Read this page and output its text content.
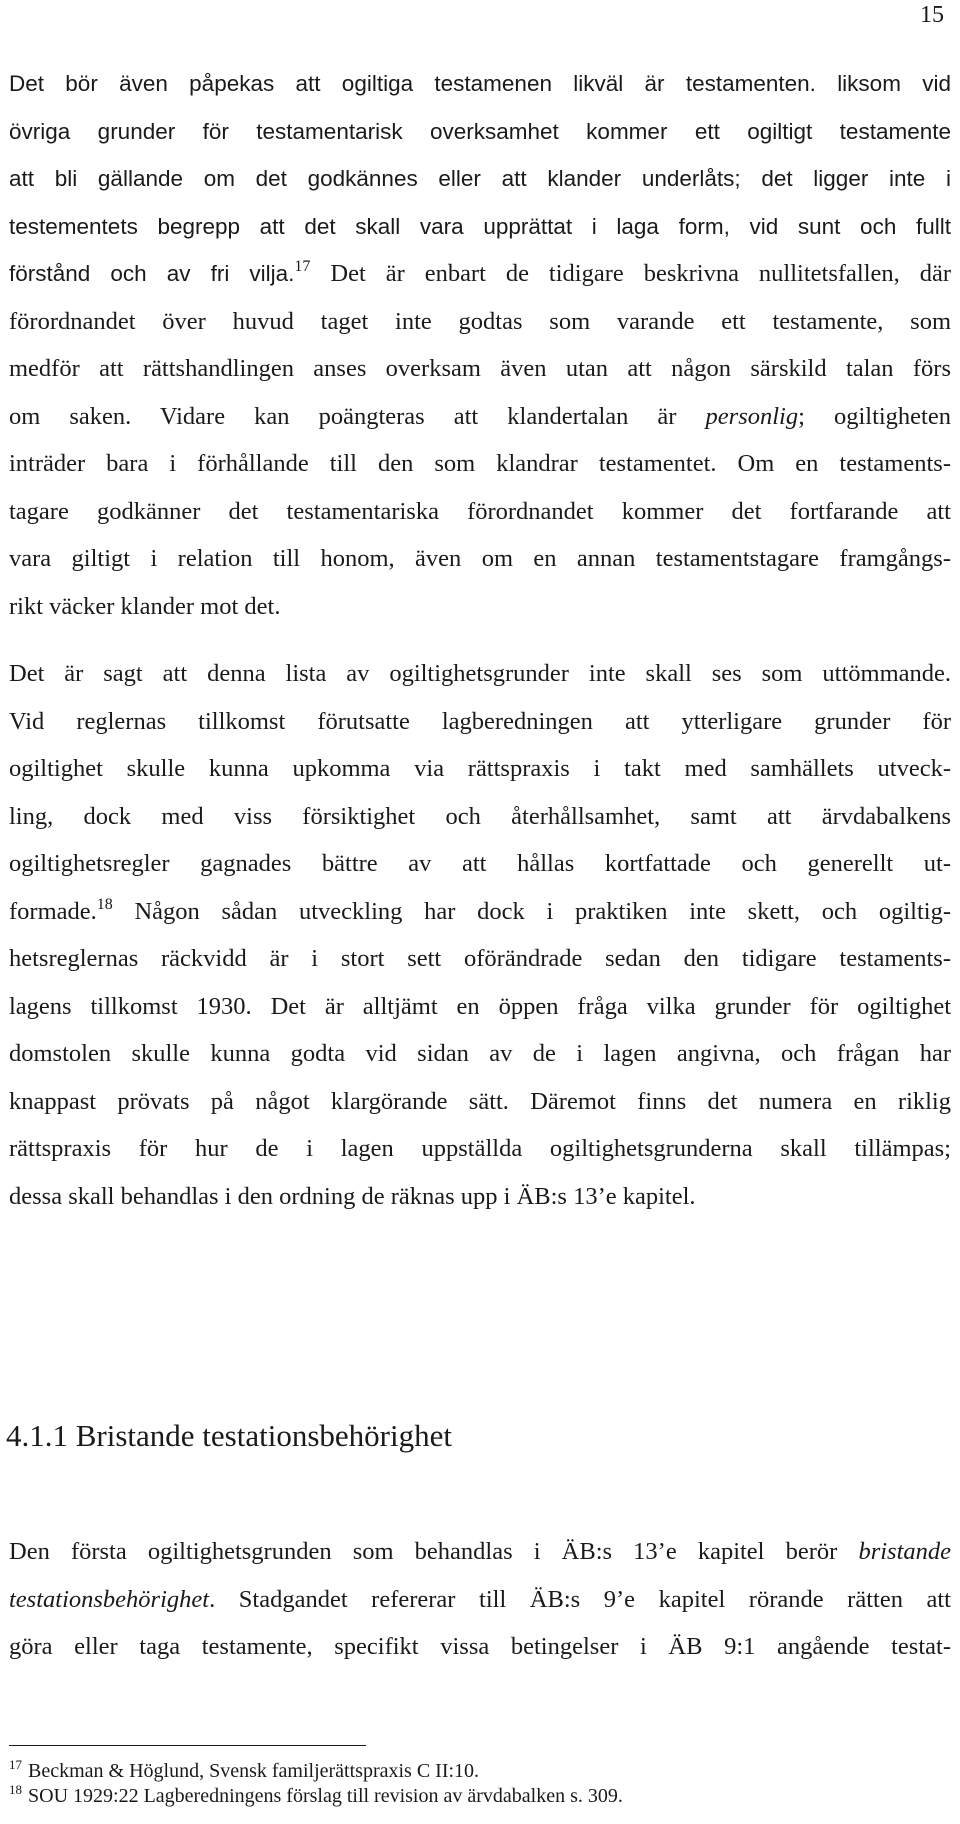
15
Det bör även påpekas att ogiltiga testamenen likväl är testamenten. liksom vid
övriga grunder för testamentarisk overksamhet kommer ett ogiltigt testamente
att bli gällande om det godkännes eller att klander underlåts; det ligger inte i
testementets begrepp att det skall vara upprättat i laga form, vid sunt och fullt
förstånd och av fri vilja.$^{17}$ Det är enbart de tidigare beskrivna nullitetsfallen, där
förordnandet över huvud taget inte godtas som varande ett testamente, som
medför att rättshandlingen anses overksam även utan att någon särskild talan förs
om saken. Vidare kan poängteras att klandertalan är personlig; ogiltigheten
inträder bara i förhållande till den som klandrar testamentet. Om en testaments-
tagare godkänner det testamentariska förordnandet kommer det fortfarande att
vara giltigt i relation till honom, även om en annan testamentstagare framgångs-
rikt väcker klander mot det.
Det är sagt att denna lista av ogiltighetsgrunder inte skall ses som uttömmande.
Vid reglernas tillkomst förutsatte lagberedningen att ytterligare grunder för
ogiltighet skulle kunna upkomma via rättspraxis i takt med samhällets utveck-
ling, dock med viss försiktighet och återhållsamhet, samt att ärvdabalkens
ogiltighetsregler gagnades bättre av att hållas kortfattade och generellt ut-
formade.$^{18}$ Någon sådan utveckling har dock i praktiken inte skett, och ogiltig-
hetsreglernas räckvidd är i stort sett oförändrade sedan den tidigare testaments-
lagens tillkomst 1930. Det är alltjämt en öppen fråga vilka grunder för ogiltighet
domstolen skulle kunna godta vid sidan av de i lagen angivna, och frågan har
knappast prövats på något klargörande sätt. Däremot finns det numera en riklig
rättspraxis för hur de i lagen uppställda ogiltighetsgrunderna skall tillämpas;
dessa skall behandlas i den ordning de räknas upp i ÄB:s 13’e kapitel.
4.1.1 Bristande testationsbehörighet
Den första ogiltighetsgrunden som behandlas i ÄB:s 13’e kapitel berör bristande
testationsbehörighet. Stadgandet refererar till ÄB:s 9’e kapitel rörande rätten att
göra eller taga testamente, specifikt vissa betingelser i ÄB 9:1 angående testat-
$^{17}$ Beckman & Höglund, Svensk familjerättspraxis C II:10.
$^{18}$ SOU 1929:22 Lagberedningens förslag till revision av ärvdabalken s. 309.
